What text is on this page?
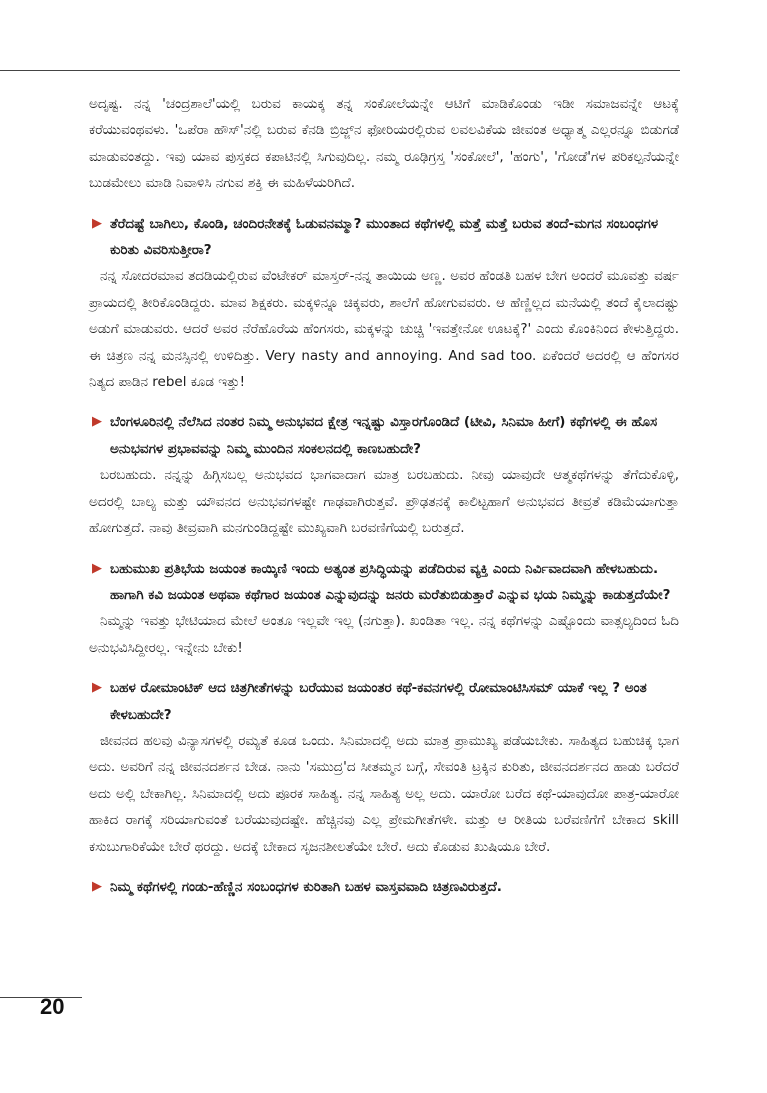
ಅದೃಷ್ಟ. ನನ್ನ 'ಚಂದ್ರಶಾಲೆ'ಯಲ್ಲಿ ಬರುವ ಕಾಯಕ್ಕ ತನ್ನ ಸಂಕೋಲೆಯನ್ನೇ ಆಟಿಗೆ ಮಾಡಿಕೊಂಡು ಇಡೀ ಸಮಾಜವನ್ನೇ ಆಟಕ್ಕೆ ಕರೆಯುವಂಥವಳು. 'ಒಪೆರಾ ಹೌಸ್'ನಲ್ಲಿ ಬರುವ ಕೆನಡಿ ಬ್ರಿಜ್ಜ್‌ನ ಫೋರಿಯರಲ್ಲಿರುವ ಲವಲವಿಕೆಯ ಜೀವಂತ ಅಧ್ಯಾತ್ಮ ಎಲ್ಲರನ್ನೂ ಬಿಡುಗಡೆ ಮಾಡುವಂತದ್ದು. ಇವು ಯಾವ ಪುಸ್ತಕದ ಕಪಾಟಿನಲ್ಲಿ ಸಿಗುವುದಿಲ್ಲ. ನಮ್ಮ ರೂಢಿಗ್ರಸ್ತ 'ಸಂಕೋಲೆ', 'ಹಂಗು', 'ಗೋಡೆ'ಗಳ ಪರಿಕಲ್ಪನೆಯನ್ನೇ ಬುಡಮೇಲು ಮಾಡಿ ನಿವಾಳಿಸಿ ನಗುವ ಶಕ್ತಿ ಈ ಮಹಿಳೆಯರಿಗಿದೆ.

▶ ತೆರೆದಷ್ಟೆ ಬಾಗಿಲು, ಕೊಂಡಿ, ಚಂದಿರನೇತಕ್ಕೆ ಓಡುವನಮ್ಮಾ? ಮುಂತಾದ ಕಥೆಗಳಲ್ಲಿ ಮತ್ತೆ ಮತ್ತೆ ಬರುವ ತಂದೆ-ಮಗನ ಸಂಬಂಧಗಳ ಕುರಿತು ವಿವರಿಸುತ್ತೀರಾ?

ನನ್ನ ಸೋದರಮಾವ ತದಡಿಯಲ್ಲಿರುವ ವೆಂಟೇಕರ್ ಮಾಸ್ತರ್-ನನ್ನ ತಾಯಿಯ ಅಣ್ಣ. ಅವರ ಹೆಂಡತಿ ಬಹಳ ಬೇಗ ಅಂದರೆ ಮೂವತ್ತು ವರ್ಷ ಪ್ರಾಯದಲ್ಲಿ ತೀರಿಕೊಂಡಿದ್ದರು. ಮಾವ ಶಿಕ್ಷಕರು. ಮಕ್ಕಳಿನ್ನೂ ಚಿಕ್ಕವರು, ಶಾಲೆಗೆ ಹೋಗುವವರು. ಆ ಹೆಣ್ಣಿಲ್ಲದ ಮನೆಯಲ್ಲಿ ತಂದೆ ಕೈಲಾದಷ್ಟು ಅಡುಗೆ ಮಾಡುವರು. ಆದರೆ ಅವರ ನೆರೆಹೊರೆಯ ಹೆಂಗಸರು, ಮಕ್ಕಳನ್ನು ಚುಚ್ಚಿ 'ಇವತ್ತೇನೋ ಊಟಕ್ಕೆ?' ಎಂದು ಕೊಂಕಿನಿಂದ ಕೇಳುತ್ತಿದ್ದರು. ಈ ಚಿತ್ರಣ ನನ್ನ ಮನಸ್ಸಿನಲ್ಲಿ ಉಳಿದಿತ್ತು. Very nasty and annoying. And sad too. ಏಕೆಂದರೆ ಅದರಲ್ಲಿ ಆ ಹೆಂಗಸರ ನಿತ್ಯದ ಪಾಡಿನ rebel ಕೂಡ ಇತ್ತು!

▶ ಬೆಂಗಳೂರಿನಲ್ಲಿ ನೆಲೆಸಿದ ನಂತರ ನಿಮ್ಮ ಅನುಭವದ ಕ್ಷೇತ್ರ ಇನ್ನಷ್ಟು ವಿಸ್ತಾರಗೊಂಡಿದೆ (ಟೀವಿ, ಸಿನಿಮಾ ಹೀಗೆ) ಕಥೆಗಳಲ್ಲಿ ಈ ಹೊಸ ಅನುಭವಗಳ ಪ್ರಭಾವವನ್ನು ನಿಮ್ಮ ಮುಂದಿನ ಸಂಕಲನದಲ್ಲಿ ಕಾಣಬಹುದೇ?

ಬರಬಹುದು. ನನ್ನನ್ನು ಹಿಗ್ಗಿಸಬಲ್ಲ ಅನುಭವದ ಭಾಗವಾದಾಗ ಮಾತ್ರ ಬರಬಹುದು. ನೀವು ಯಾವುದೇ ಆತ್ಮಕಥೆಗಳನ್ನು ತೆಗೆದುಕೊಳ್ಳಿ, ಅದರಲ್ಲಿ ಬಾಲ್ಯ ಮತ್ತು ಯೌವನದ ಅನುಭವಗಳಷ್ಟೇ ಗಾಢವಾಗಿರುತ್ತವೆ. ಪ್ರೌಢತನಕ್ಕೆ ಕಾಲಿಟ್ಟಹಾಗೆ ಅನುಭವದ ತೀವ್ರತೆ ಕಡಿಮೆಯಾಗುತ್ತಾ ಹೋಗುತ್ತದೆ. ನಾವು ತೀವ್ರವಾಗಿ ಮನಗುಂಡಿದ್ದಷ್ಟೇ ಮುಖ್ಯವಾಗಿ ಬರವಣಿಗೆಯಲ್ಲಿ ಬರುತ್ತದೆ.

▶ ಬಹುಮುಖ ಪ್ರತಿಭೆಯ ಜಯಂತ ಕಾಯ್ಕಿಣಿ ಇಂದು ಅತ್ಯಂತ ಪ್ರಸಿದ್ಧಿಯನ್ನು ಪಡೆದಿರುವ ವ್ಯಕ್ತಿ ಎಂದು ನಿರ್ವಿವಾದವಾಗಿ ಹೇಳಬಹುದು. ಹಾಗಾಗಿ ಕವಿ ಜಯಂತ ಅಥವಾ ಕಥೆಗಾರ ಜಯಂತ ಎನ್ನುವುದನ್ನು ಜನರು ಮರೆತುಬಿಡುತ್ತಾರೆ ಎನ್ನುವ ಭಯ ನಿಮ್ಮನ್ನು ಕಾಡುತ್ತದೆಯೇ?

ನಿಮ್ಮನ್ನು ಇವತ್ತು ಭೇಟಿಯಾದ ಮೇಲೆ ಅಂತೂ ಇಲ್ಲವೇ ಇಲ್ಲ (ನಗುತ್ತಾ). ಖಂಡಿತಾ ಇಲ್ಲ. ನನ್ನ ಕಥೆಗಳನ್ನು ಎಷ್ಟೊಂದು ವಾತ್ಸಲ್ಯದಿಂದ ಓದಿ ಅನುಭವಿಸಿದ್ದೀರಲ್ಲ. ಇನ್ನೇನು ಬೇಕು!

▶ ಬಹಳ ರೋಮಾಂಟಿಕ್ ಆದ ಚಿತ್ರಗೀತೆಗಳನ್ನು ಬರೆಯುವ ಜಯಂತರ ಕಥೆ-ಕವನಗಳಲ್ಲಿ ರೋಮಾಂಟಿಸಿಸಮ್ ಯಾಕೆ ಇಲ್ಲ ? ಅಂತ ಕೇಳಬಹುದೇ?

ಜೀವನದ ಹಲವು ವಿನ್ಯಾಸಗಳಲ್ಲಿ ರಮ್ಯತೆ ಕೂಡ ಒಂದು. ಸಿನಿಮಾದಲ್ಲಿ ಅದು ಮಾತ್ರ ಪ್ರಾಮುಖ್ಯ ಪಡೆಯಬೇಕು. ಸಾಹಿತ್ಯದ ಬಹುಚಿಕ್ಕ ಭಾಗ ಅದು. ಅವರಿಗೆ ನನ್ನ ಜೀವನದರ್ಶನ ಬೇಡ. ನಾನು 'ಸಮುದ್ರ'ದ ಸೀತಮ್ಮನ ಬಗ್ಗೆ, ಸೇವಂತಿ ಟ್ರಕ್ಕಿನ ಕುರಿತು, ಜೀವನದರ್ಶನದ ಹಾಡು ಬರೆದರೆ ಅದು ಅಲ್ಲಿ ಬೇಕಾಗಿಲ್ಲ. ಸಿನಿಮಾದಲ್ಲಿ ಅದು ಪೂರಕ ಸಾಹಿತ್ಯ. ನನ್ನ ಸಾಹಿತ್ಯ ಅಲ್ಲ ಅದು. ಯಾರೋ ಬರೆದ ಕಥೆ-ಯಾವುದೋ ಪಾತ್ರ-ಯಾರೋ ಹಾಕಿದ ರಾಗಕ್ಕೆ ಸರಿಯಾಗುವಂತೆ ಬರೆಯುವುದಷ್ಟೇ. ಹೆಚ್ಚಿನವು ಎಲ್ಲ ಪ್ರೇಮಗೀತೆಗಳೇ. ಮತ್ತು ಆ ರೀತಿಯ ಬರೆವಣಿಗೆಗೆ ಬೇಕಾದ skill ಕಸುಬುಗಾರಿಕೆಯೇ ಬೇರೆ ಥರದ್ದು. ಅದಕ್ಕೆ ಬೇಕಾದ ಸೃಜನಶೀಲತೆಯೇ ಬೇರೆ. ಅದು ಕೊಡುವ ಖುಷಿಯೂ ಬೇರೆ.

▶ ನಿಮ್ಮ ಕಥೆಗಳಲ್ಲಿ ಗಂಡು-ಹೆಣ್ಣಿನ ಸಂಬಂಧಗಳ ಕುರಿತಾಗಿ ಬಹಳ ವಾಸ್ತವವಾದಿ ಚಿತ್ರಣವಿರುತ್ತದೆ.

20
